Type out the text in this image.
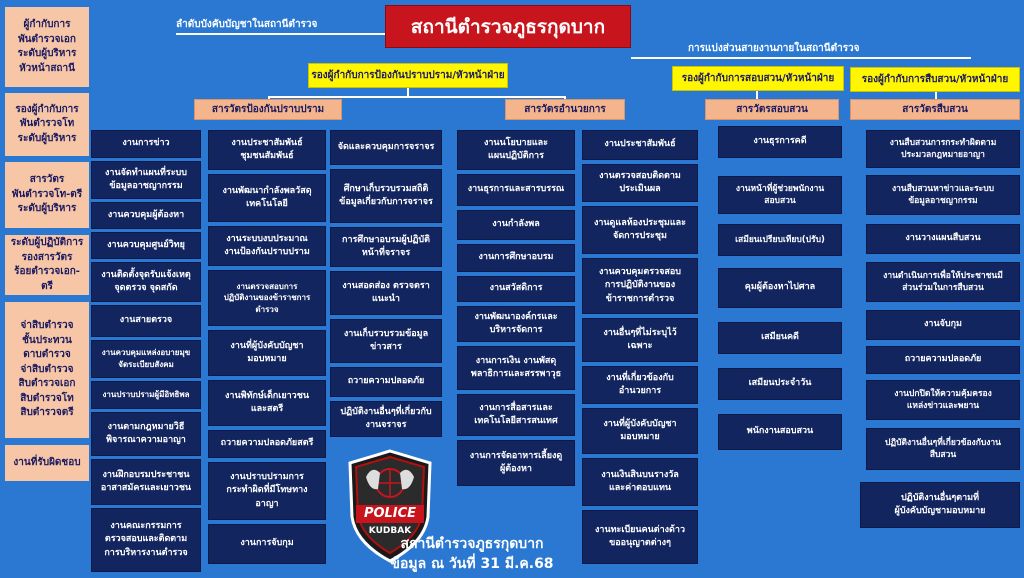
สถานีตำรวจภูธรกุดบาก
ลำดับบังคับบัญชาในสถานีตำรวจ
การแบ่งส่วนสายงานภายในสถานีตำรวจ
ผู้กำกับการ
พันตำรวจเอก
ระดับผู้บริหาร
หัวหน้าสถานี
รองผู้กำกับการ
พันตำรวจโท
ระดับผู้บริหาร
สารวัตร
พันตำรวจโท-ตรี
ระดับผู้บริหาร
ระดับผู้ปฏิบัติการ
รองสารวัตร
ร้อยตำรวจเอก-ตรี
จ่าสิบตำรวจ
ชั้นประทวน
ดาบตำรวจ
จ่าสิบตำรวจ
สิบตำรวจเอก
สิบตำรวจโท
สิบตำรวจตรี
งานที่รับผิดชอบ
รองผู้กำกับการป้องกันปราบปราม/หัวหน้าฝ่าย	รองผู้กำกับการสอบสวน/หัวหน้าฝ่าย	รองผู้กำกับการสืบสวน/หัวหน้าฝ่าย
สารวัตรป้องกันปราบปราม	สารวัตรอำนวยการ	สารวัตรสอบสวน	สารวัตรสืบสวน
งานการข่าว
งานจัดทำแผนที่ระบบ
ข้อมูลอาชญากรรม
งานควบคุมผู้ต้องหา
งานควบคุมศูนย์วิทยุ
งานติดตั้งจุดรับแจ้งเหตุ
จุดตรวจ จุดสกัด
งานสายตรวจ
งานควบคุมแหล่งอบายมุข
จัดระเบียบสังคม
งานปราบปรามผู้มีอิทธิพล
งานตามกฎหมายวิธี
พิจารณาความอาญา
งานฝึกอบรมประชาชน
อาสาสมัครและเยาวชน
งานคณะกรรมการ
ตรวจสอบและติดตาม
การบริหารงานตำรวจ
งานประชาสัมพันธ์
ชุมชนสัมพันธ์
งานพัฒนากำลังพลวัสดุ
เทคโนโลยี
งานระบบงบประมาณ
งานป้องกันปราบปราม
งานตรวจสอบการ
ปฏิบัติงานของข้าราชการ
ตำรวจ
งานที่ผู้บังคับบัญชา
มอบหมาย
งานพิทักษ์เด็กเยาวชน
และสตรี
ถวายความปลอดภัยสตรี
งานปราบปรามการ
กระทำผิดที่มีโทษทาง
อาญา
งานการจับกุม
จัดและควบคุมการจราจร
ศึกษาเก็บรวบรวมสถิติ
ข้อมูลเกี่ยวกับการจราจร
การศึกษาอบรมผู้ปฏิบัติ
หน้าที่จราจร
งานสอดส่อง ตรวจตรา
แนะนำ
งานเก็บรวบรวมข้อมูล
ข่าวสาร
ถวายความปลอดภัย
ปฏิบัติงานอื่นๆที่เกี่ยวกับ
งานจราจร
งานนโยบายและ
แผนปฏิบัติการ
งานธุรการและสารบรรณ
งานกำลังพล
งานการศึกษาอบรม
งานสวัสดิการ
งานพัฒนาองค์กรและ
บริหารจัดการ
งานการเงิน งานพัสดุ
พลาธิการและสรรพาวุธ
งานการสื่อสารและ
เทคโนโลยีสารสนเทศ
งานการจัดอาหารเลี้ยงดู
ผู้ต้องหา
งานประชาสัมพันธ์
งานตรวจสอบติดตาม
ประเมินผล
งานดูแลห้องประชุมและ
จัดการประชุม
งานควบคุมตรวจสอบ
การปฏิบัติงานของ
ข้าราชการตำรวจ
งานอื่นๆที่ไม่ระบุไว้
เฉพาะ
งานที่เกี่ยวข้องกับ
อำนวยการ
งานที่ผู้บังคับบัญชา
มอบหมาย
งานเงินสินบนรางวัล
และค่าตอบแทน
งานทะเบียนคนต่างด้าว
ขออนุญาตต่างๆ
งานธุรการคดี
งานหน้าที่ผู้ช่วยพนักงาน
สอบสวน
เสมียนเปรียบเทียบ(ปรับ)
คุมผู้ต้องหาไปศาล
เสมียนคดี
เสมียนประจำวัน
พนักงานสอบสวน
งานสืบสวนการกระทำผิดตาม
ประมวลกฎหมายอาญา
งานสืบสวนหาข่าวและระบบ
ข้อมูลอาชญากรรม
งานวางแผนสืบสวน
งานดำเนินการเพื่อให้ประชาชนมี
ส่วนร่วมในการสืบสวน
งานจับกุม
ถวายความปลอดภัย
งานปกปิดให้ความคุ้มครอง
แหล่งข่าวและพยาน
ปฏิบัติงานอื่นๆที่เกี่ยวข้องกับงาน
สืบสวน
ปฏิบัติงานอื่นๆตามที่
ผู้บังคับบัญชามอบหมาย
POLICE
KUDBAK
สถานีตำรวจภูธรกุดบาก
ข้อมูล ณ วันที่ 31 มี.ค.68
